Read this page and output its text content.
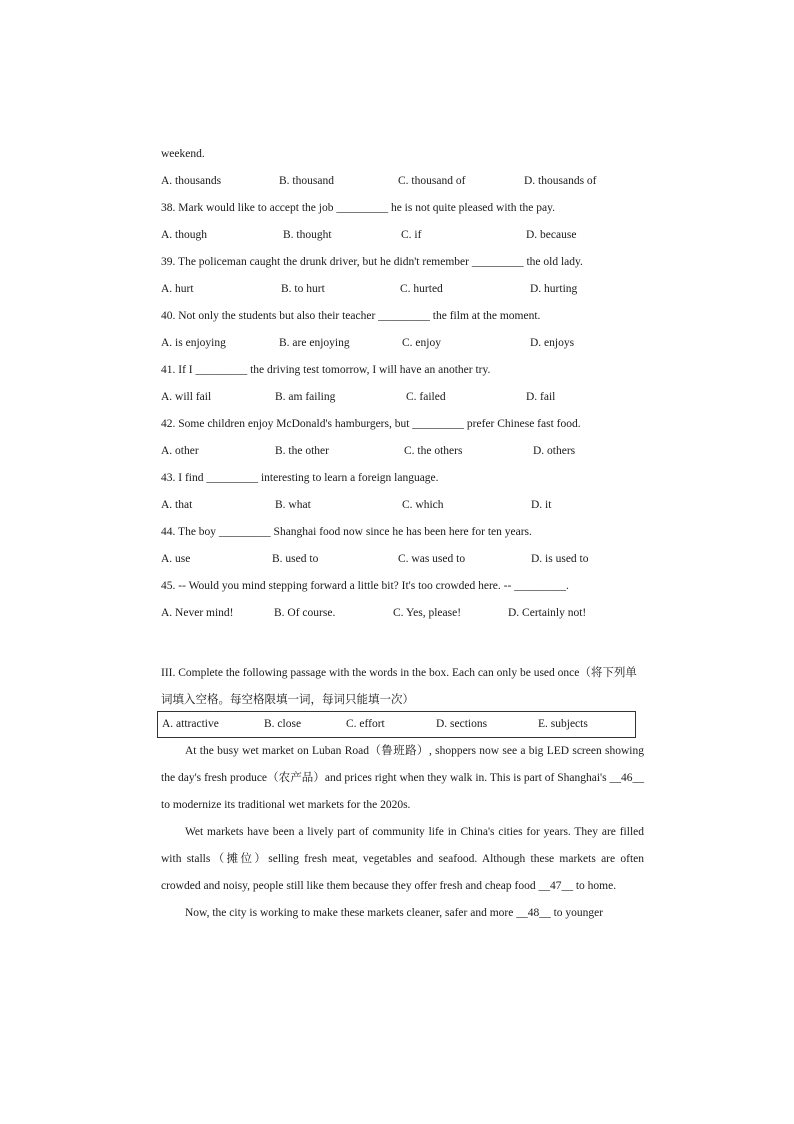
weekend.
A. thousands	B. thousand	C. thousand of	D. thousands of
38. Mark would like to accept the job _________ he is not quite pleased with the pay.
A. though	B. thought	C. if	D. because
39. The policeman caught the drunk driver, but he didn't remember _________ the old lady.
A. hurt	B. to hurt	C. hurted	D. hurting
40. Not only the students but also their teacher _________ the film at the moment.
A. is enjoying	B. are enjoying	C. enjoy	D. enjoys
41. If I _________ the driving test tomorrow, I will have an another try.
A. will fail	B. am failing	C. failed	D. fail
42. Some children enjoy McDonald's hamburgers, but _________ prefer Chinese fast food.
A. other	B. the other	C. the others	D. others
43. I find _________ interesting to learn a foreign language.
A. that	B. what	C. which	D. it
44. The boy _________ Shanghai food now since he has been here for ten years.
A. use	B. used to	C. was used to	D. is used to
45. -- Would you mind stepping forward a little bit? It's too crowded here. -- _________.
A. Never mind!	B. Of course.	C. Yes, please!	D. Certainly not!
III. Complete the following passage with the words in the box. Each can only be used once（将下列单词填入空格。每空格限填一词，每词只能填一次）
A. attractive	B. close	C. effort	D. sections	E. subjects

At the busy wet market on Luban Road（鲁班路）, shoppers now see a big LED screen showing the day's fresh produce（农产品）and prices right when they walk in. This is part of Shanghai's __46__ to modernize its traditional wet markets for the 2020s.

Wet markets have been a lively part of community life in China's cities for years. They are filled with stalls（摊位）selling fresh meat, vegetables and seafood. Although these markets are often crowded and noisy, people still like them because they offer fresh and cheap food __47__ to home.

Now, the city is working to make these markets cleaner, safer and more __48__ to younger
